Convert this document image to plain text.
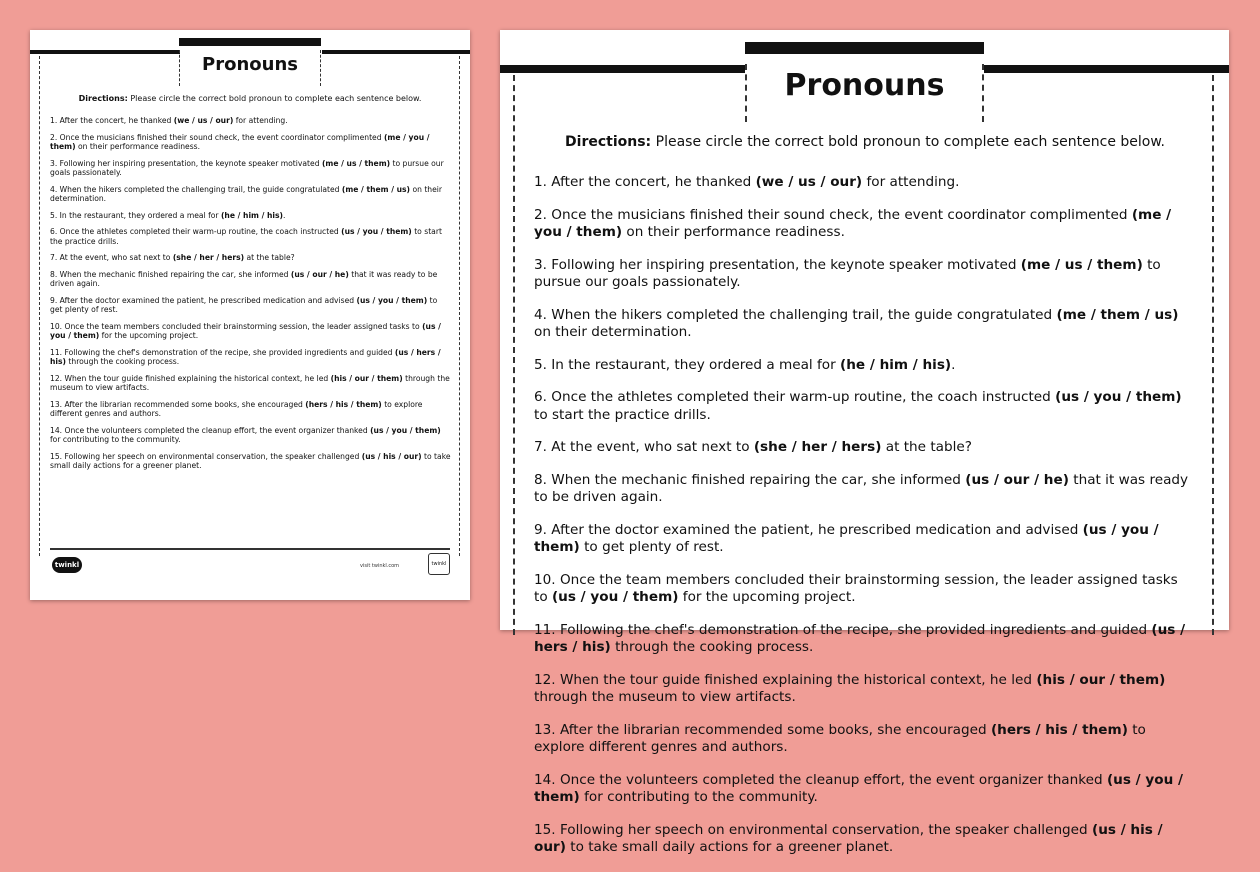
Pronouns
Directions: Please circle the correct bold pronoun to complete each sentence below.
1. After the concert, he thanked (we / us / our) for attending.
2. Once the musicians finished their sound check, the event coordinator complimented (me / you / them) on their performance readiness.
3. Following her inspiring presentation, the keynote speaker motivated (me / us / them) to pursue our goals passionately.
4. When the hikers completed the challenging trail, the guide congratulated (me / them / us) on their determination.
5. In the restaurant, they ordered a meal for (he / him / his).
6. Once the athletes completed their warm-up routine, the coach instructed (us / you / them) to start the practice drills.
7. At the event, who sat next to (she / her / hers) at the table?
8. When the mechanic finished repairing the car, she informed (us / our / he) that it was ready to be driven again.
9. After the doctor examined the patient, he prescribed medication and advised (us / you / them) to get plenty of rest.
10. Once the team members concluded their brainstorming session, the leader assigned tasks to (us / you / them) for the upcoming project.
11. Following the chef's demonstration of the recipe, she provided ingredients and guided (us / hers / his) through the cooking process.
12. When the tour guide finished explaining the historical context, he led (his / our / them) through the museum to view artifacts.
13. After the librarian recommended some books, she encouraged (hers / his / them) to explore different genres and authors.
14. Once the volunteers completed the cleanup effort, the event organizer thanked (us / you / them) for contributing to the community.
15. Following her speech on environmental conservation, the speaker challenged (us / his / our) to take small daily actions for a greener planet.
twinkl	visit twinkl.com	twinkl
Pronouns
Directions: Please circle the correct bold pronoun to complete each sentence below.
1. After the concert, he thanked (we / us / our) for attending.
2. Once the musicians finished their sound check, the event coordinator complimented (me / you / them) on their performance readiness.
3. Following her inspiring presentation, the keynote speaker motivated (me / us / them) to pursue our goals passionately.
4. When the hikers completed the challenging trail, the guide congratulated (me / them / us) on their determination.
5. In the restaurant, they ordered a meal for (he / him / his).
6. Once the athletes completed their warm-up routine, the coach instructed (us / you / them) to start the practice drills.
7. At the event, who sat next to (she / her / hers) at the table?
8. When the mechanic finished repairing the car, she informed (us / our / he) that it was ready to be driven again.
9. After the doctor examined the patient, he prescribed medication and advised (us / you / them) to get plenty of rest.
10. Once the team members concluded their brainstorming session, the leader assigned tasks to (us / you / them) for the upcoming project.
11. Following the chef's demonstration of the recipe, she provided ingredients and guided (us / hers / his) through the cooking process.
12. When the tour guide finished explaining the historical context, he led (his / our / them) through the museum to view artifacts.
13. After the librarian recommended some books, she encouraged (hers / his / them) to explore different genres and authors.
14. Once the volunteers completed the cleanup effort, the event organizer thanked (us / you / them) for contributing to the community.
15. Following her speech on environmental conservation, the speaker challenged (us / his / our) to take small daily actions for a greener planet.
